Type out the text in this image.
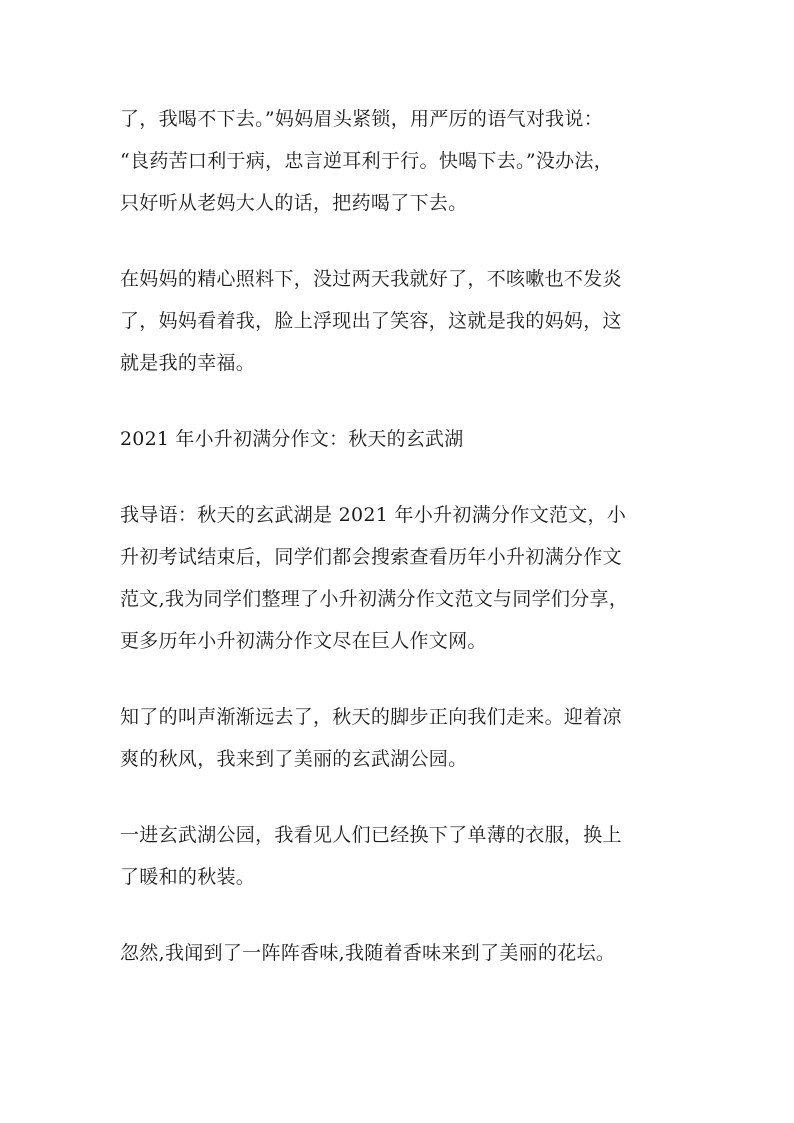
了，我喝不下去。”妈妈眉头紧锁，用严厉的语气对我说：
“良药苦口利于病，忠言逆耳利于行。快喝下去。”没办法，
只好听从老妈大人的话，把药喝了下去。
在妈妈的精心照料下，没过两天我就好了，不咳嗽也不发炎
了，妈妈看着我，脸上浮现出了笑容，这就是我的妈妈，这
就是我的幸福。
2021 年小升初满分作文：秋天的玄武湖
我导语：秋天的玄武湖是 2021 年小升初满分作文范文，小
升初考试结束后，同学们都会搜索查看历年小升初满分作文
范文,我为同学们整理了小升初满分作文范文与同学们分享，
更多历年小升初满分作文尽在巨人作文网。
知了的叫声渐渐远去了，秋天的脚步正向我们走来。迎着凉
爽的秋风，我来到了美丽的玄武湖公园。
一进玄武湖公园，我看见人们已经换下了单薄的衣服，换上
了暖和的秋装。
忽然,我闻到了一阵阵香味,我随着香味来到了美丽的花坛。
